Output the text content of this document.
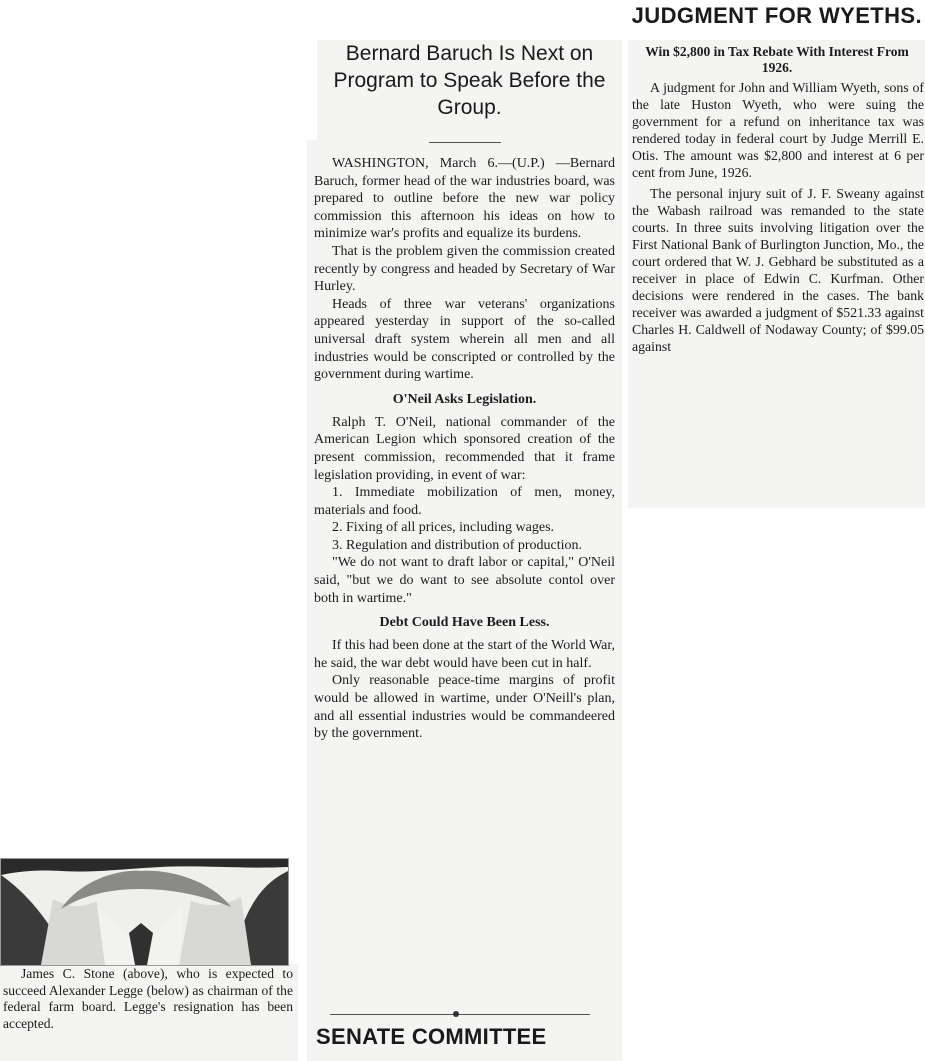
Bernard Baruch Is Next on Program to Speak Before the Group.

WASHINGTON, March 6.—(U.P.) —Bernard Baruch, former head of the war industries board, was prepared to outline before the new war policy commission this afternoon his ideas on how to minimize war's profits and equalize its burdens.

That is the problem given the commission created recently by congress and headed by Secretary of War Hurley.

Heads of three war veterans' organizations appeared yesterday in support of the so-called universal draft system wherein all men and all industries would be conscripted or controlled by the government during wartime.

O'Neil Asks Legislation.

Ralph T. O'Neil, national commander of the American Legion which sponsored creation of the present commission, recommended that it frame legislation providing, in event of war:

1. Immediate mobilization of men, money, materials and food.

2. Fixing of all prices, including wages.

3. Regulation and distribution of production.

"We do not want to draft labor or capital," O'Neil said, "but we do want to see absolute contol over both in wartime."

Debt Could Have Been Less.

If this had been done at the start of the World War, he said, the war debt would have been cut in half.

Only reasonable peace-time margins of profit would be allowed in wartime, under O'Neill's plan, and all essential industries would be commandeered by the government.

SENATE COMMITTEE
JUDGMENT FOR WYETHS.
Win $2,800 in Tax Rebate With Interest From 1926.

A judgment for John and William Wyeth, sons of the late Huston Wyeth, who were suing the government for a refund on inheritance tax was rendered today in federal court by Judge Merrill E. Otis. The amount was $2,800 and interest at 6 per cent from June, 1926.

The personal injury suit of J. F. Sweany against the Wabash railroad was remanded to the state courts. In three suits involving litigation over the First National Bank of Burlington Junction, Mo., the court ordered that W. J. Gebhard be substituted as a receiver in place of Edwin C. Kurfman. Other decisions were rendered in the cases. The bank receiver was awarded a judgment of $521.33 against Charles H. Caldwell of Nodaway County; of $99.05 against

James C. Stone (above), who is expected to succeed Alexander Legge (below) as chairman of the federal farm board. Legge's resignation has been accepted.
